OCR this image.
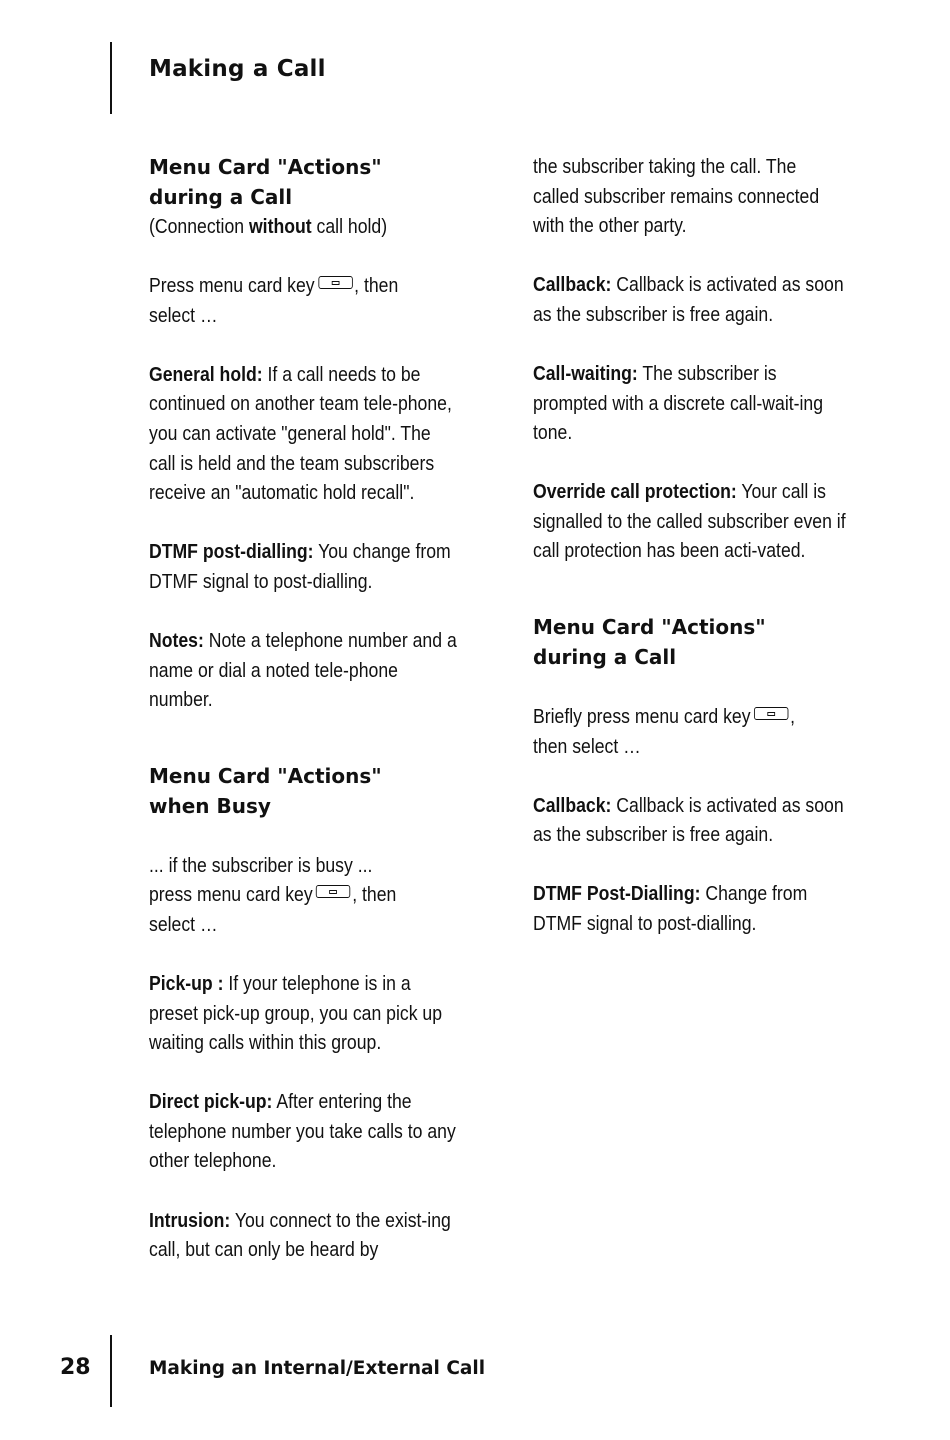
Making a Call
Menu Card "Actions"
during a Call

(Connection without call hold)

Press menu card key , then
select …

General hold: If a call needs to be continued on another team tele-phone, you can activate "general hold". The call is held and the team subscribers receive an "automatic hold recall".

DTMF post-dialling: You change from DTMF signal to post-dialling.

Notes: Note a telephone number and a name or dial a noted tele-phone number.

Menu Card "Actions"
when Busy

... if the subscriber is busy ...
press menu card key , then
select …

Pick-up : If your telephone is in a preset pick-up group, you can pick up waiting calls within this group.

Direct pick-up: After entering the telephone number you take calls to any other telephone.

Intrusion: You connect to the exist-ing call, but can only be heard by

the subscriber taking the call. The called subscriber remains connected with the other party.

Callback: Callback is activated as soon as the subscriber is free again.

Call-waiting: The subscriber is prompted with a discrete call-wait-ing tone.

Override call protection: Your call is signalled to the called subscriber even if call protection has been acti-vated.

Menu Card "Actions"
during a Call

Briefly press menu card key ,
then select …

Callback: Callback is activated as soon as the subscriber is free again.

DTMF Post-Dialling: Change from DTMF signal to post-dialling.

28	Making an Internal/External Call
